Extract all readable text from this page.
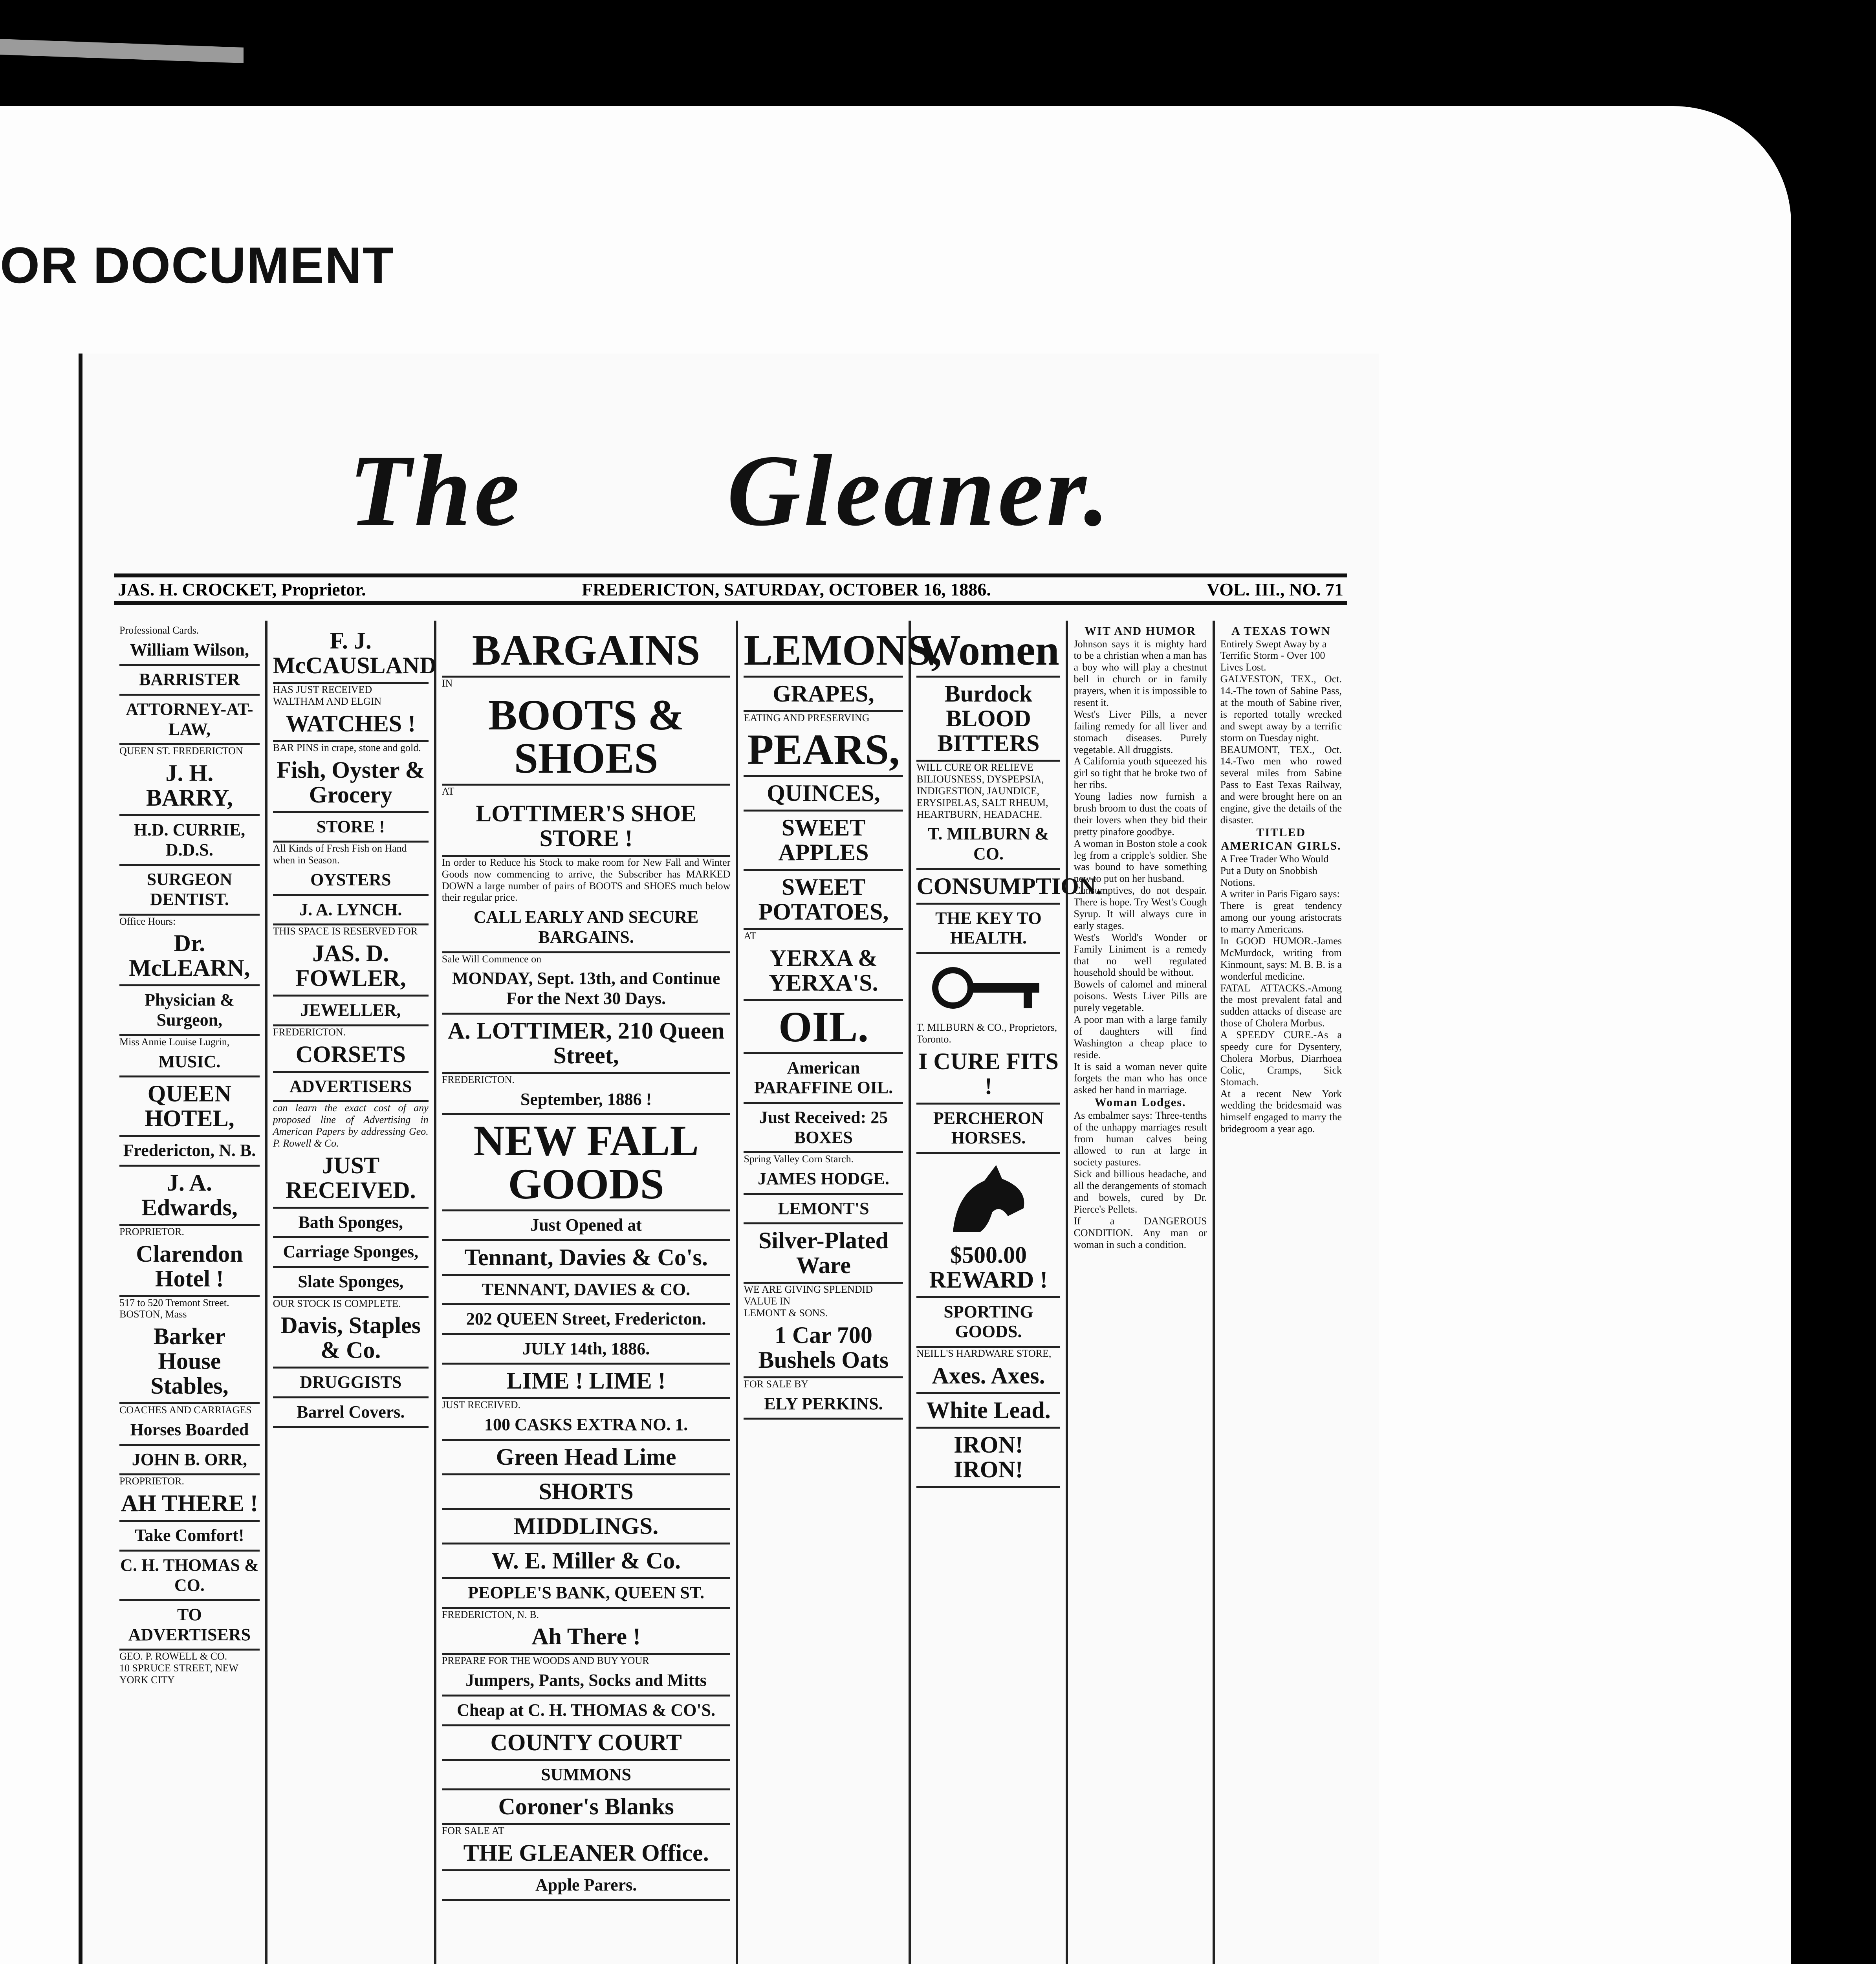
OR DOCUMENT
The Gleaner.
JAS. H. CROCKET, Proprietor.	FREDERICTON, SATURDAY, OCTOBER 16, 1886.	VOL. III., NO. 71
Professional Cards.
William Wilson,
BARRISTER
ATTORNEY-AT-LAW,
QUEEN ST. FREDERICTON
J. H. BARRY,
H.D. CURRIE, D.D.S.
SURGEON DENTIST.
Office Hours:
Dr. McLEARN,
Physician & Surgeon,
Miss Annie Louise Lugrin,
MUSIC.
QUEEN HOTEL,
Fredericton, N. B.
J. A. Edwards,
PROPRIETOR.
Clarendon Hotel !
517 to 520 Tremont Street.
BOSTON, Mass
Barker House Stables,
COACHES AND CARRIAGES
Horses Boarded
JOHN B. ORR,
PROPRIETOR.
AH THERE !
Take Comfort!
C. H. THOMAS & CO.
TO ADVERTISERS
GEO. P. ROWELL & CO.
10 SPRUCE STREET, NEW YORK CITY
F. J. McCAUSLAND
HAS JUST RECEIVED
WALTHAM AND ELGIN
WATCHES !
BAR PINS in crape, stone and gold.
Fish, Oyster & Grocery
STORE !
All Kinds of Fresh Fish on Hand when in Season.
OYSTERS
J. A. LYNCH.
THIS SPACE IS RESERVED FOR
JAS. D. FOWLER,
JEWELLER,
FREDERICTON.
CORSETS
ADVERTISERS
can learn the exact cost of any proposed line of Advertising in American Papers by addressing Geo. P. Rowell & Co.
JUST RECEIVED.
Bath Sponges,
Carriage Sponges,
Slate Sponges,
OUR STOCK IS COMPLETE.
Davis, Staples & Co.
DRUGGISTS
Barrel Covers.
BARGAINS
IN
BOOTS & SHOES
AT
LOTTIMER'S SHOE STORE !
In order to Reduce his Stock to make room for New Fall and Winter Goods now commencing to arrive, the Subscriber has MARKED DOWN a large number of pairs of BOOTS and SHOES much below their regular price.
CALL EARLY AND SECURE BARGAINS.
Sale Will Commence on
MONDAY, Sept. 13th, and Continue For the Next 30 Days.
A. LOTTIMER, 210 Queen Street,
FREDERICTON.
September, 1886 !
NEW FALL GOODS
Just Opened at
Tennant, Davies & Co's.
TENNANT, DAVIES & CO.
202 QUEEN Street, Fredericton.
JULY 14th, 1886.
LIME ! LIME !
JUST RECEIVED.
100 CASKS EXTRA NO. 1.
Green Head Lime
SHORTS
MIDDLINGS.
W. E. Miller & Co.
PEOPLE'S BANK, QUEEN ST.
FREDERICTON, N. B.
Ah There !
PREPARE FOR THE WOODS AND BUY YOUR
Jumpers, Pants, Socks and Mitts
Cheap at C. H. THOMAS & CO'S.
COUNTY COURT
SUMMONS
Coroner's Blanks
FOR SALE AT
THE GLEANER Office.
Apple Parers.
LEMONS,
GRAPES,
EATING AND PRESERVING
PEARS,
QUINCES,
SWEET APPLES
SWEET POTATOES,
AT
YERXA & YERXA'S.
OIL.
American PARAFFINE OIL.
Just Received: 25 BOXES
Spring Valley Corn Starch.
JAMES HODGE.
LEMONT'S
Silver-Plated Ware
WE ARE GIVING SPLENDID VALUE IN
LEMONT & SONS.
1 Car 700 Bushels Oats
FOR SALE BY
ELY PERKINS.
Women
Burdock BLOOD BITTERS
WILL CURE OR RELIEVE
BILIOUSNESS, DYSPEPSIA, INDIGESTION, JAUNDICE, ERYSIPELAS, SALT RHEUM, HEARTBURN, HEADACHE.
T. MILBURN & CO.
CONSUMPTION.
THE KEY TO HEALTH.
T. MILBURN & CO., Proprietors, Toronto.
I CURE FITS !
PERCHERON HORSES.
$500.00 REWARD !
SPORTING GOODS.
NEILL'S HARDWARE STORE,
Axes. Axes.
White Lead.
IRON! IRON!
WIT AND HUMOR
Johnson says it is mighty hard to be a christian when a man has a boy who will play a chestnut bell in church or in family prayers, when it is impossible to resent it.
West's Liver Pills, a never failing remedy for all liver and stomach diseases. Purely vegetable. All druggists.
A California youth squeezed his girl so tight that he broke two of her ribs.
Young ladies now furnish a brush broom to dust the coats of their lovers when they bid their pretty pinafore goodbye.
A woman in Boston stole a cook leg from a cripple's soldier. She was bound to have something new to put on her husband.
Consumptives, do not despair. There is hope. Try West's Cough Syrup. It will always cure in early stages.
West's World's Wonder or Family Liniment is a remedy that no well regulated household should be without.
Bowels of calomel and mineral poisons. Wests Liver Pills are purely vegetable.
A poor man with a large family of daughters will find Washington a cheap place to reside.
It is said a woman never quite forgets the man who has once asked her hand in marriage.
Woman Lodges.
As embalmer says: Three-tenths of the unhappy marriages result from human calves being allowed to run at large in society pastures.
Sick and billious headache, and all the derangements of stomach and bowels, cured by Dr. Pierce's Pellets.
If a DANGEROUS CONDITION. Any man or woman in such a condition.
A TEXAS TOWN
Entirely Swept Away by a Terrific Storm - Over 100 Lives Lost.
GALVESTON, TEX., Oct. 14.-The town of Sabine Pass, at the mouth of Sabine river, is reported totally wrecked and swept away by a terrific storm on Tuesday night.
BEAUMONT, TEX., Oct. 14.-Two men who rowed several miles from Sabine Pass to East Texas Railway, and were brought here on an engine, give the details of the disaster.
TITLED AMERICAN GIRLS.
A Free Trader Who Would Put a Duty on Snobbish Notions.
A writer in Paris Figaro says:
There is great tendency among our young aristocrats to marry Americans.
In GOOD HUMOR.-James McMurdock, writing from Kinmount, says: M. B. B. is a wonderful medicine.
FATAL ATTACKS.-Among the most prevalent fatal and sudden attacks of disease are those of Cholera Morbus.
A SPEEDY CURE.-As a speedy cure for Dysentery, Cholera Morbus, Diarrhoea Colic, Cramps, Sick Stomach.
At a recent New York wedding the bridesmaid was himself engaged to marry the bridegroom a year ago.
